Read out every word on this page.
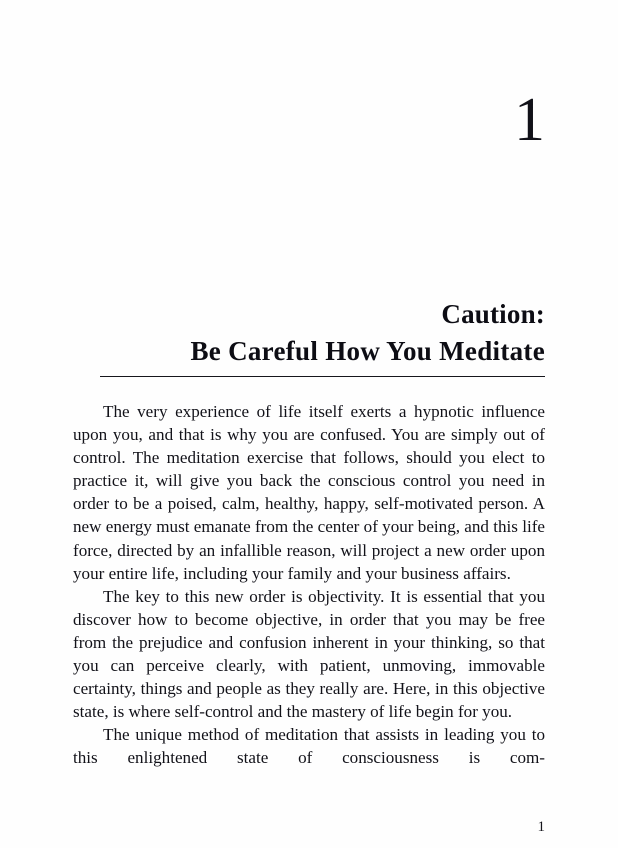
1
Caution:
Be Careful How You Meditate

The very experience of life itself exerts a hypnotic influence upon you, and that is why you are confused. You are simply out of control. The meditation exercise that follows, should you elect to practice it, will give you back the conscious control you need in order to be a poised, calm, healthy, happy, self-motivated person. A new energy must emanate from the center of your being, and this life force, directed by an infallible reason, will project a new order upon your entire life, including your family and your business affairs.

The key to this new order is objectivity. It is essential that you discover how to become objective, in order that you may be free from the prejudice and confusion inherent in your thinking, so that you can perceive clearly, with patient, unmoving, immovable certainty, things and people as they really are. Here, in this objective state, is where self-control and the mastery of life begin for you.

The unique method of meditation that assists in leading you to this enlightened state of consciousness is com-

1
